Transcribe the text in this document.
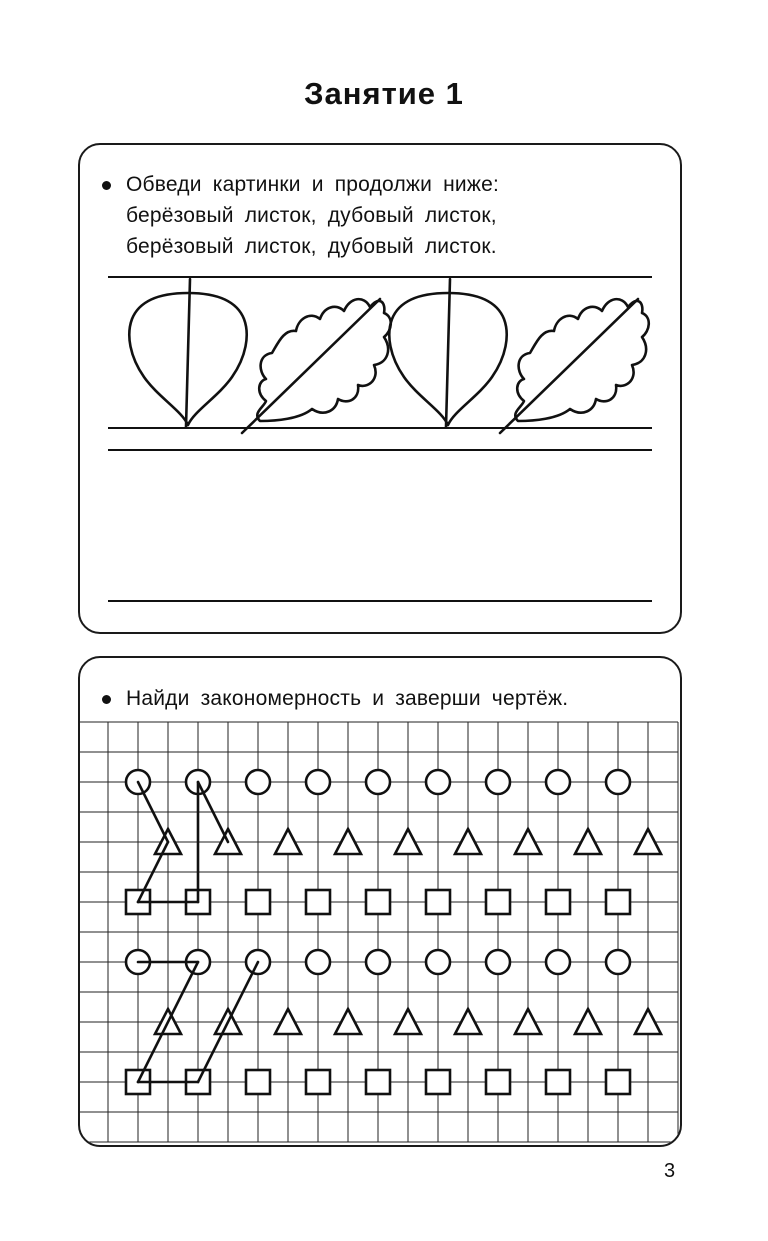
Занятие 1
Обведи картинки и продолжи ниже:
берёзовый листок, дубовый листок,
берёзовый листок, дубовый листок.
Найди закономерность и заверши чертёж.
3
